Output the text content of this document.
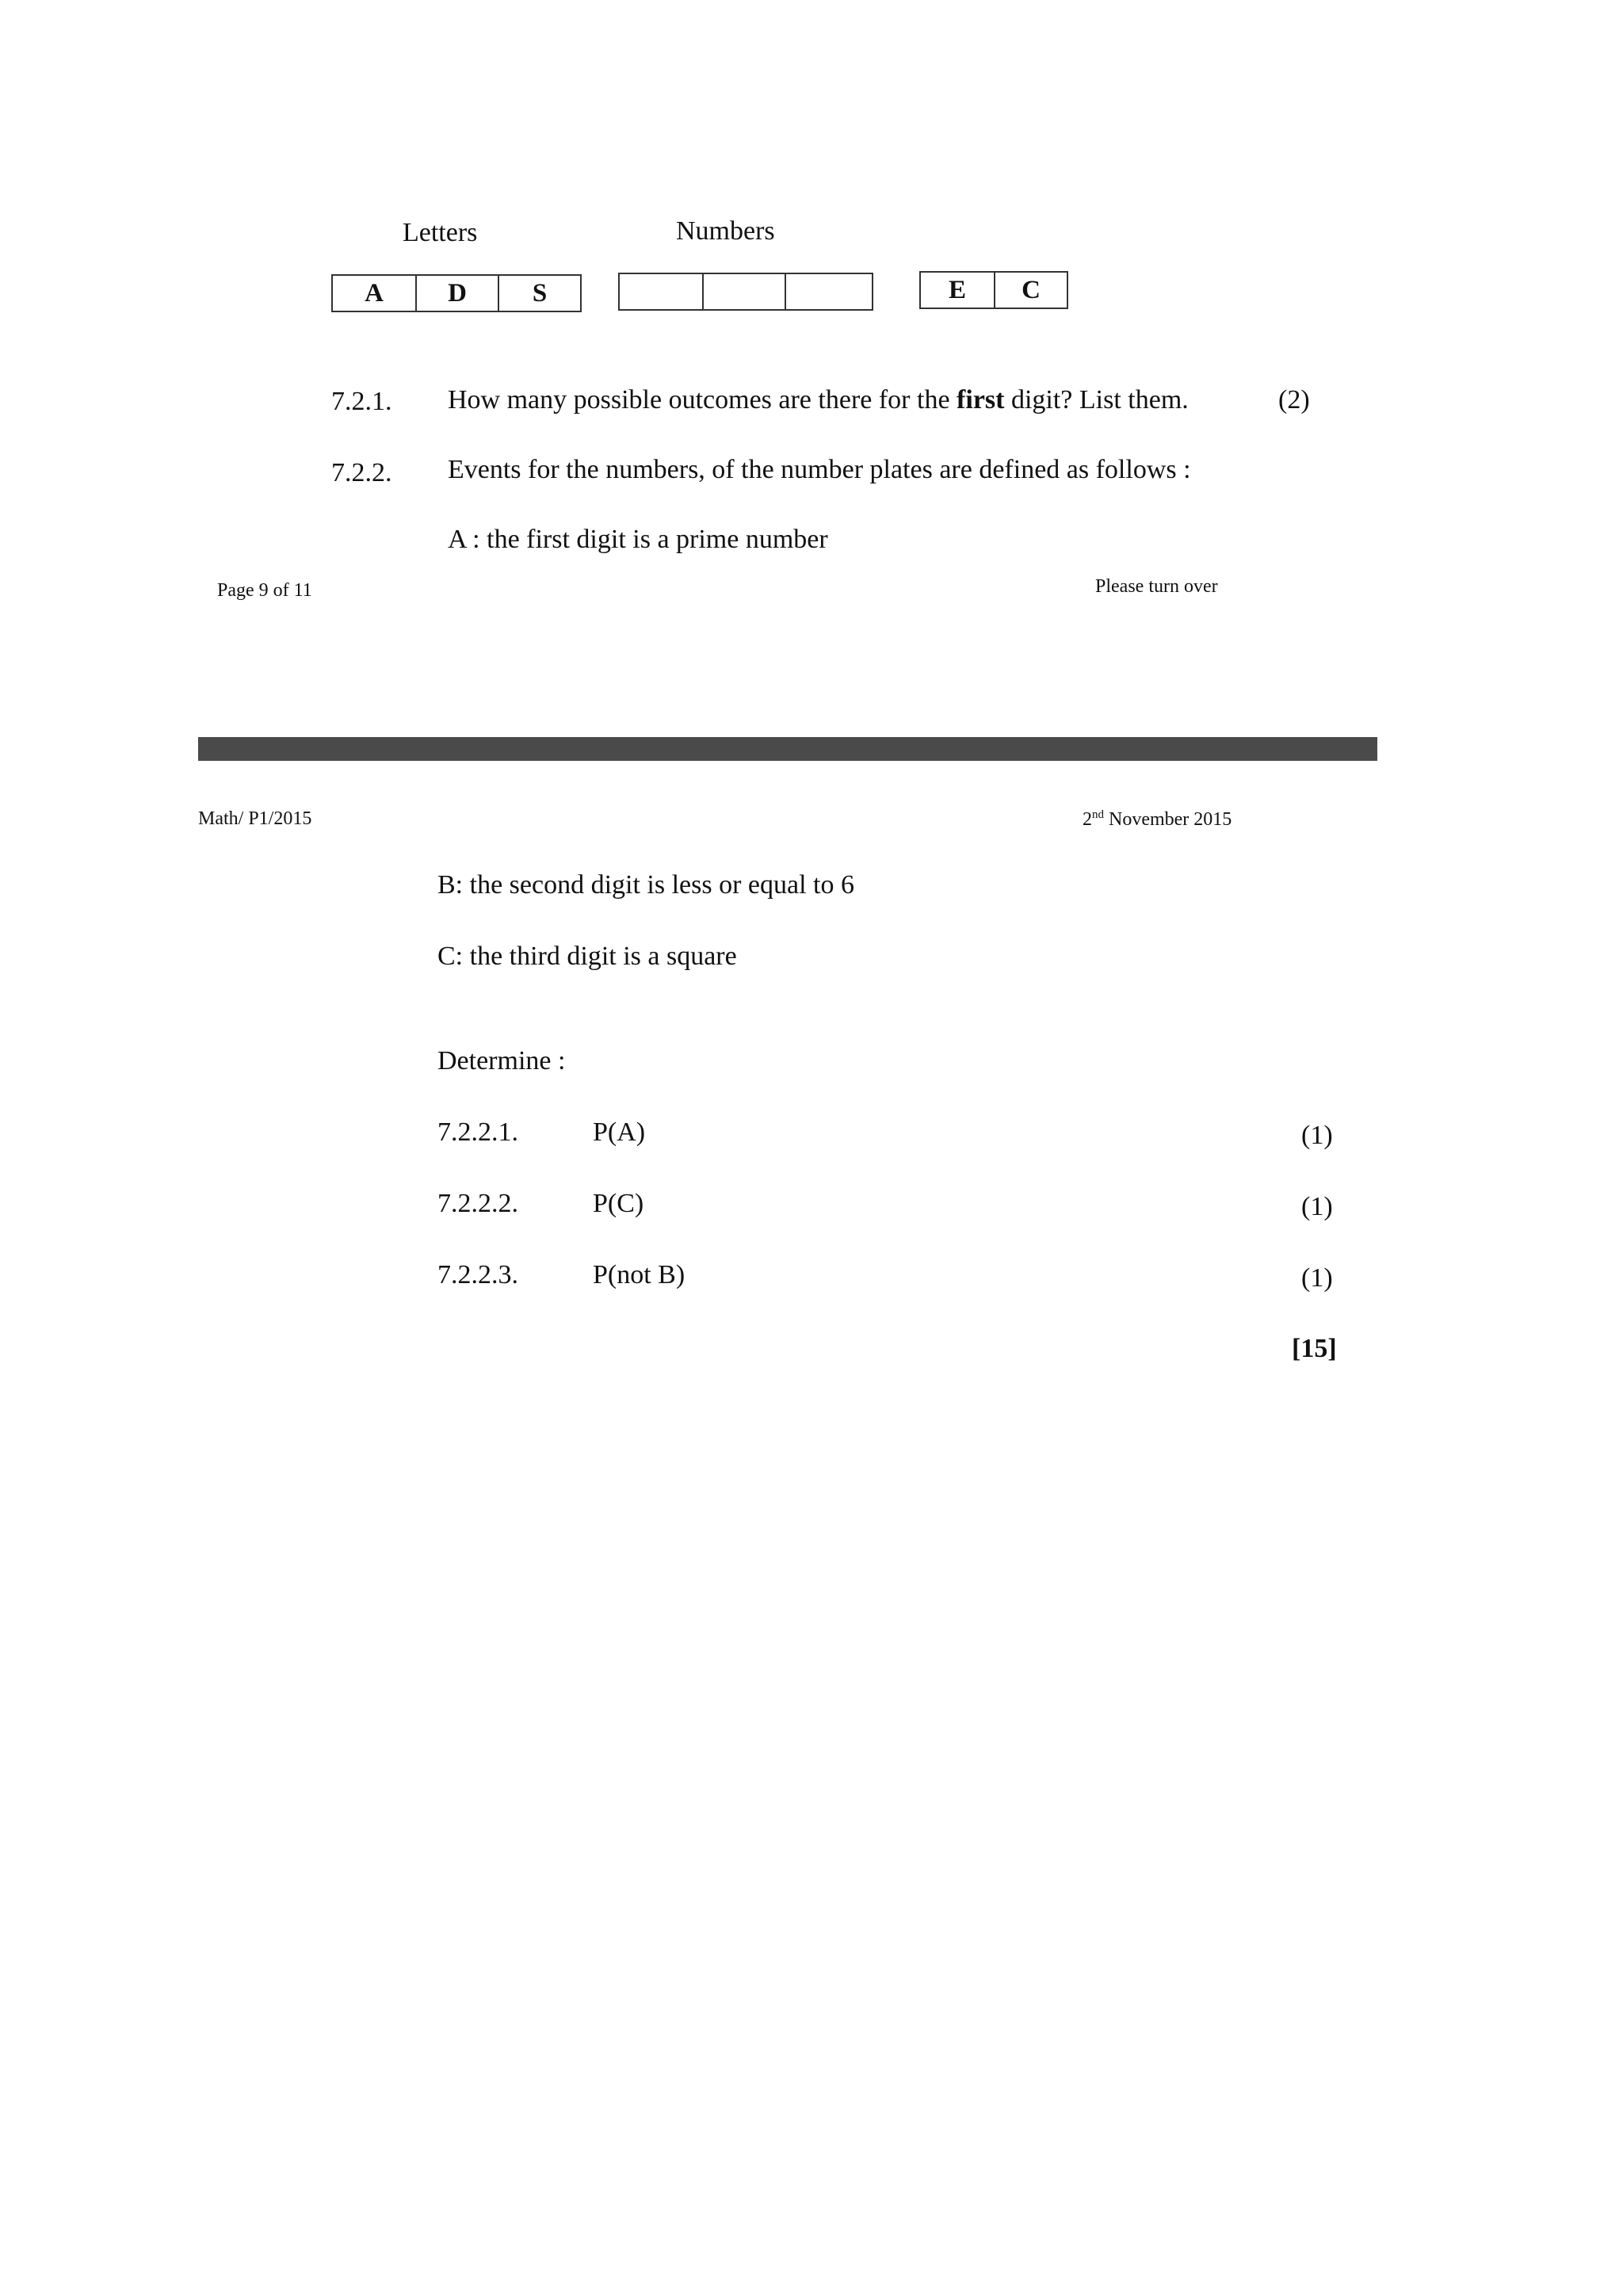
Letters	Numbers
A	D	S	E	C
7.2.1. How many possible outcomes are there for the first digit? List them.	(2)
7.2.2. Events for the numbers, of the number plates are defined as follows :
A : the first digit is a prime number
Page 9 of 11	Please turn over
Math/ P1/2015	2nd November 2015
B: the second digit is less or equal to 6
C: the third digit is a square
Determine :
7.2.2.1.	P(A)	(1)
7.2.2.2.	P(C)	(1)
7.2.2.3.	P(not B)	(1)
[15]
